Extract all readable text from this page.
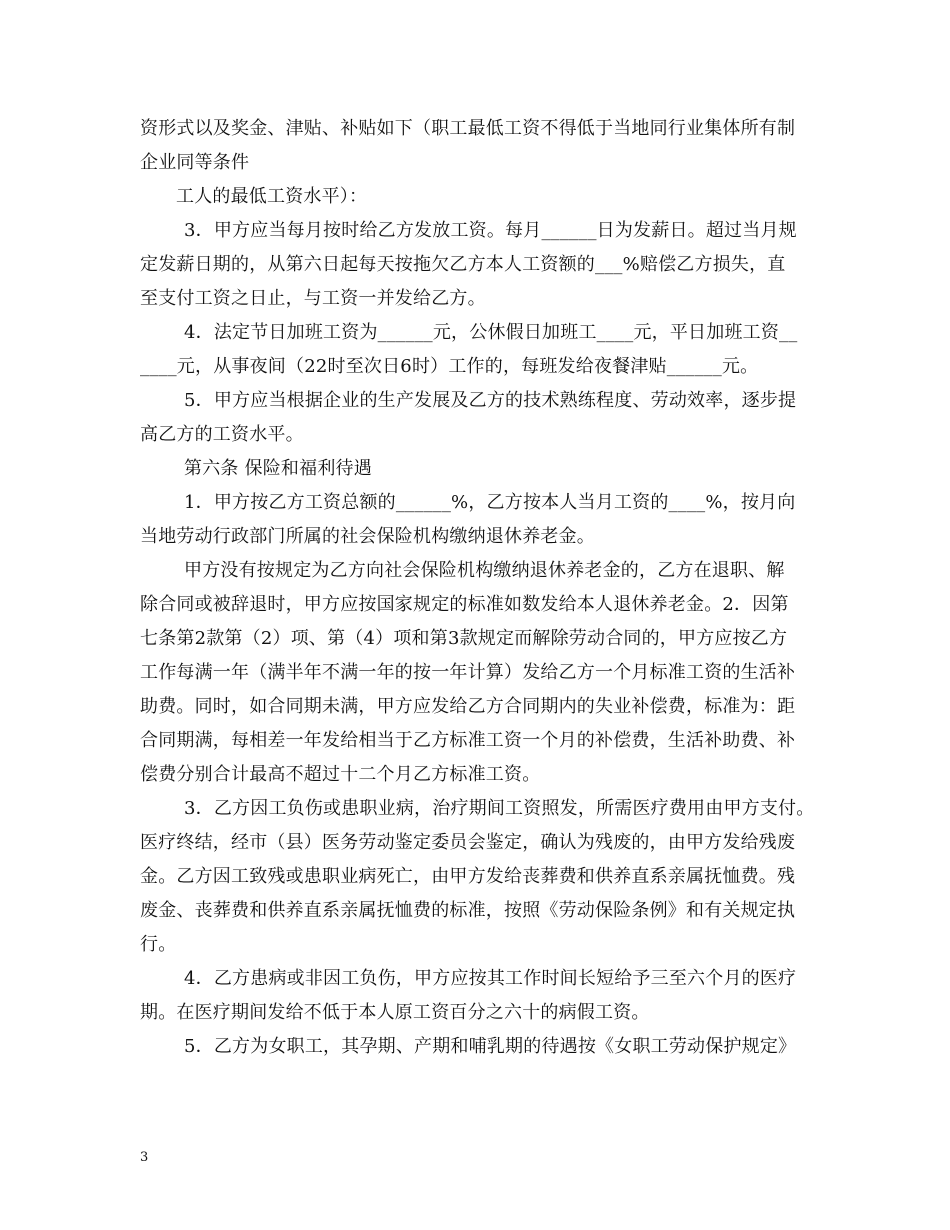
资形式以及奖金、津贴、补贴如下（职工最低工资不得低于当地同行业集体所有制
企业同等条件
工人的最低工资水平）：
3．甲方应当每月按时给乙方发放工资。每月______日为发薪日。超过当月规
定发薪日期的，从第六日起每天按拖欠乙方本人工资额的___%赔偿乙方损失，直
至支付工资之日止，与工资一并发给乙方。
4．法定节日加班工资为______元，公休假日加班工____元，平日加班工资__
____元，从事夜间（22时至次日6时）工作的，每班发给夜餐津贴______元。
5．甲方应当根据企业的生产发展及乙方的技术熟练程度、劳动效率，逐步提
高乙方的工资水平。
第六条 保险和福利待遇
1．甲方按乙方工资总额的______%，乙方按本人当月工资的____%，按月向
当地劳动行政部门所属的社会保险机构缴纳退休养老金。
甲方没有按规定为乙方向社会保险机构缴纳退休养老金的，乙方在退职、解
除合同或被辞退时，甲方应按国家规定的标准如数发给本人退休养老金。2．因第
七条第2款第（2）项、第（4）项和第3款规定而解除劳动合同的，甲方应按乙方
工作每满一年（满半年不满一年的按一年计算）发给乙方一个月标准工资的生活补
助费。同时，如合同期未满，甲方应发给乙方合同期内的失业补偿费，标准为：距
合同期满，每相差一年发给相当于乙方标准工资一个月的补偿费，生活补助费、补
偿费分别合计最高不超过十二个月乙方标准工资。
3．乙方因工负伤或患职业病，治疗期间工资照发，所需医疗费用由甲方支付。
医疗终结，经市（县）医务劳动鉴定委员会鉴定，确认为残废的，由甲方发给残废
金。乙方因工致残或患职业病死亡，由甲方发给丧葬费和供养直系亲属抚恤费。残
废金、丧葬费和供养直系亲属抚恤费的标准，按照《劳动保险条例》和有关规定执
行。
4．乙方患病或非因工负伤，甲方应按其工作时间长短给予三至六个月的医疗
期。在医疗期间发给不低于本人原工资百分之六十的病假工资。
5．乙方为女职工，其孕期、产期和哺乳期的待遇按《女职工劳动保护规定》
3
